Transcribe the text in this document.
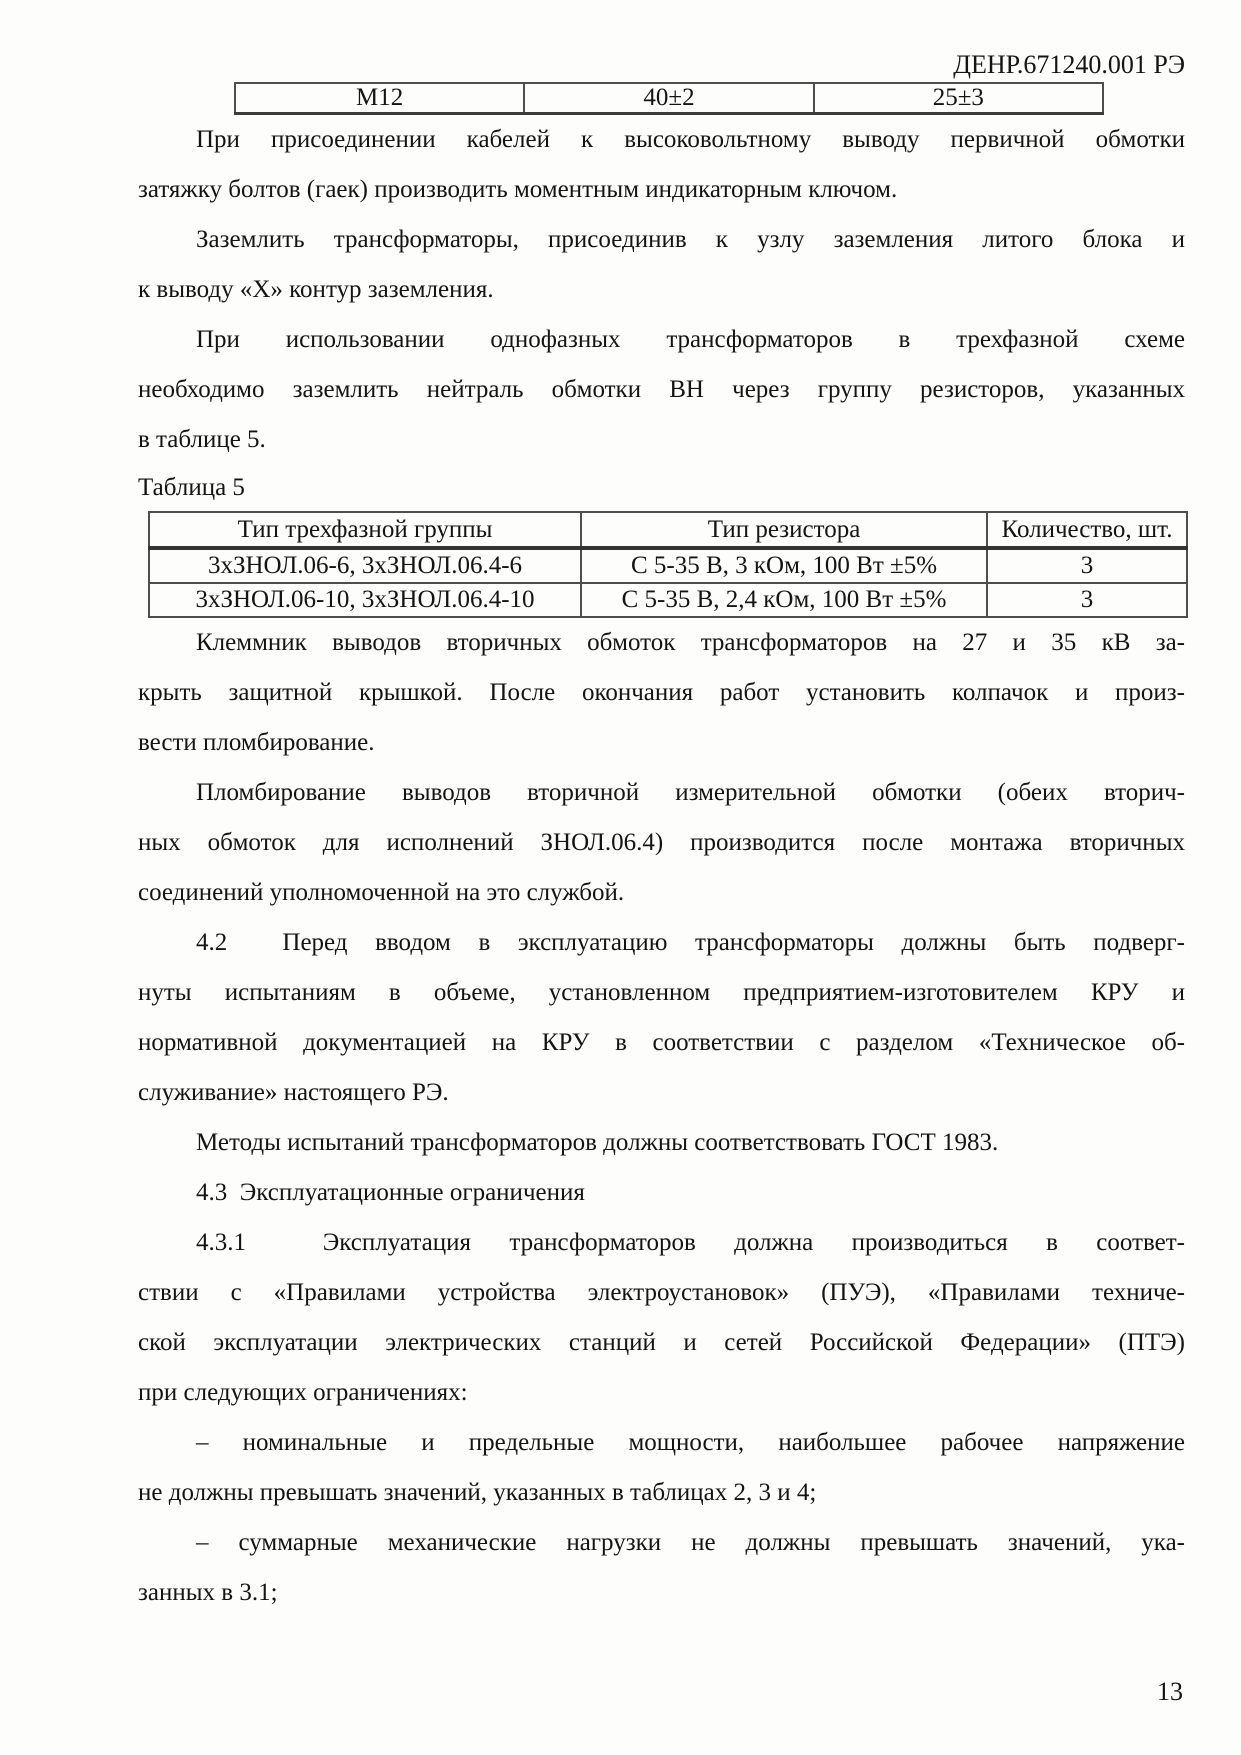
ДЕНР.671240.001 РЭ
М12	40±2	25±3
При присоединении кабелей к высоковольтному выводу первичной обмотки
затяжку болтов (гаек) производить моментным индикаторным ключом.
Заземлить трансформаторы, присоединив к узлу заземления литого блока и
к выводу «Х» контур заземления.
При использовании однофазных трансформаторов в трехфазной схеме
необходимо заземлить нейтраль обмотки ВН через группу резисторов, указанных
в таблице 5.
Таблица 5
Тип трехфазной группы	Тип резистора	Количество, шт.
3хЗНОЛ.06-6, 3хЗНОЛ.06.4-6	С 5-35 В, 3 кОм, 100 Вт ±5%	3
3хЗНОЛ.06-10, 3хЗНОЛ.06.4-10	С 5-35 В, 2,4 кОм, 100 Вт ±5%	3
Клеммник выводов вторичных обмоток трансформаторов на 27 и 35 кВ за-
крыть защитной крышкой. После окончания работ установить колпачок и произ-
вести пломбирование.
Пломбирование выводов вторичной измерительной обмотки (обеих вторич-
ных обмоток для исполнений ЗНОЛ.06.4) производится после монтажа вторичных
соединений уполномоченной на это службой.
4.2  Перед вводом в эксплуатацию трансформаторы должны быть подверг-
нуты испытаниям в объеме, установленном предприятием-изготовителем КРУ и
нормативной документацией на КРУ в соответствии с разделом «Техническое об-
служивание» настоящего РЭ.
Методы испытаний трансформаторов должны соответствовать ГОСТ 1983.
4.3  Эксплуатационные ограничения
4.3.1  Эксплуатация трансформаторов должна производиться в соответ-
ствии с «Правилами устройства электроустановок» (ПУЭ), «Правилами техниче-
ской эксплуатации электрических станций и сетей Российской Федерации» (ПТЭ)
при следующих ограничениях:
– номинальные и предельные мощности, наибольшее рабочее напряжение
не должны превышать значений, указанных в таблицах 2, 3 и 4;
– суммарные механические нагрузки не должны превышать значений, ука-
занных в 3.1;
13
